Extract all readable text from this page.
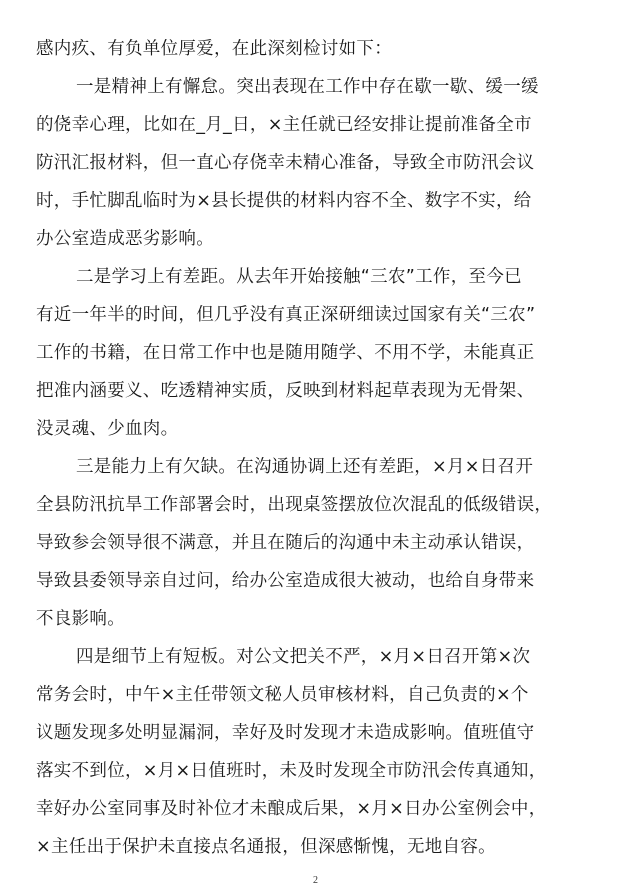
感内疚、有负单位厚爱，在此深刻检讨如下：
一是精神上有懈怠。突出表现在工作中存在歇一歇、缓一缓
的侥幸心理，比如在_月_日，×主任就已经安排让提前准备全市
防汛汇报材料，但一直心存侥幸未精心准备，导致全市防汛会议
时，手忙脚乱临时为×县长提供的材料内容不全、数字不实，给
办公室造成恶劣影响。
二是学习上有差距。从去年开始接触“三农”工作，至今已
有近一年半的时间，但几乎没有真正深研细读过国家有关“三农”
工作的书籍，在日常工作中也是随用随学、不用不学，未能真正
把准内涵要义、吃透精神实质，反映到材料起草表现为无骨架、
没灵魂、少血肉。
三是能力上有欠缺。在沟通协调上还有差距，×月×日召开
全县防汛抗旱工作部署会时，出现桌签摆放位次混乱的低级错误，
导致参会领导很不满意，并且在随后的沟通中未主动承认错误，
导致县委领导亲自过问，给办公室造成很大被动，也给自身带来
不良影响。
四是细节上有短板。对公文把关不严，×月×日召开第×次
常务会时，中午×主任带领文秘人员审核材料，自己负责的×个
议题发现多处明显漏洞，幸好及时发现才未造成影响。值班值守
落实不到位，×月×日值班时，未及时发现全市防汛会传真通知，
幸好办公室同事及时补位才未酿成后果，×月×日办公室例会中，
×主任出于保护未直接点名通报，但深感惭愧，无地自容。
2
